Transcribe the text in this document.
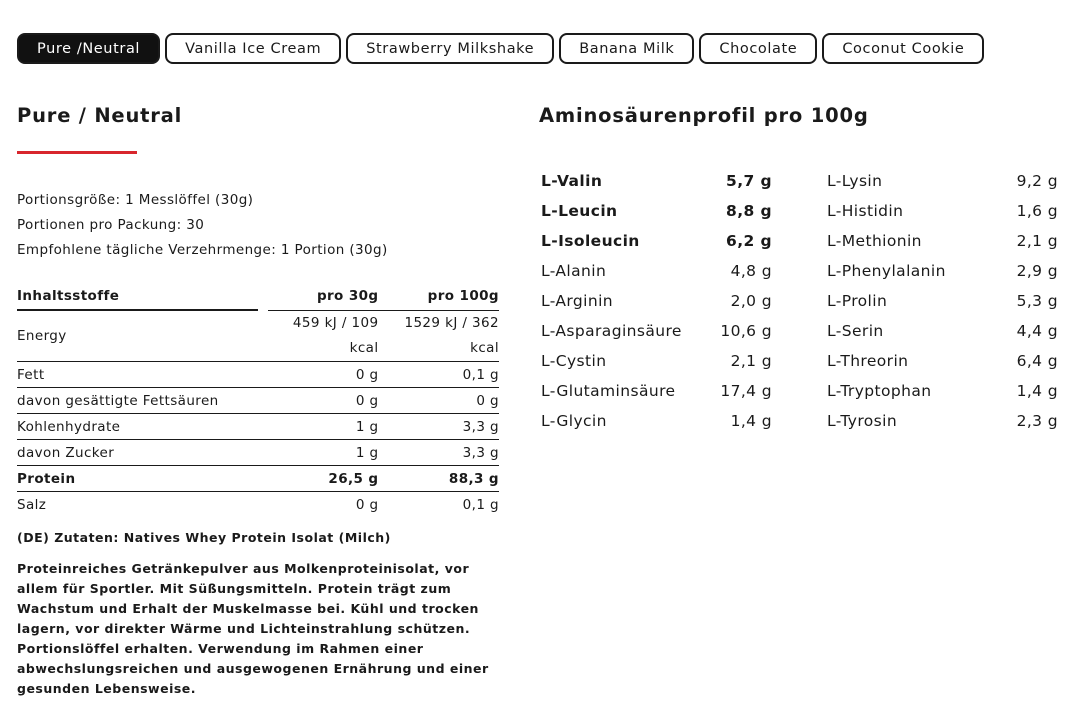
Pure /Neutral	Vanilla Ice Cream	Strawberry Milkshake	Banana Milk	Chocolate	Coconut Cookie
Pure / Neutral
Portionsgröße: 1 Messlöffel (30g)
Portionen pro Packung: 30
Empfohlene tägliche Verzehrmenge: 1 Portion (30g)
Inhaltsstoffe		pro 30g	pro 100g
Energy		459 kJ / 109 kcal	1529 kJ / 362 kcal
Fett		0 g	0,1 g
davon gesättigte Fettsäuren		0 g	0 g
Kohlenhydrate		1 g	3,3 g
davon Zucker		1 g	3,3 g
Protein		26,5 g	88,3 g
Salz		0 g	0,1 g

(DE) Zutaten: Natives Whey Protein Isolat (Milch)

Proteinreiches Getränkepulver aus Molkenproteinisolat, vor allem für Sportler. Mit Süßungsmitteln. Protein trägt zum Wachstum und Erhalt der Muskelmasse bei. Kühl und trocken lagern, vor direkter Wärme und Lichteinstrahlung schützen. Portionslöffel erhalten. Verwendung im Rahmen einer abwechslungsreichen und ausgewogenen Ernährung und einer gesunden Lebensweise.

Aminosäurenprofil pro 100g
L-Valin	5,7 g
L-Leucin	8,8 g
L-Isoleucin	6,2 g
L-Alanin	4,8 g
L-Arginin	2,0 g
L-Asparaginsäure 10,6 g
L-Cystin	2,1 g
L-Glutaminsäure	17,4 g
L-Glycin	1,4 g
L-Lysin	9,2 g
L-Histidin	1,6 g
L-Methionin	2,1 g
L-Phenylalanin	2,9 g
L-Prolin	5,3 g
L-Serin	4,4 g
L-Threorin	6,4 g
L-Tryptophan	1,4 g
L-Tyrosin	2,3 g
